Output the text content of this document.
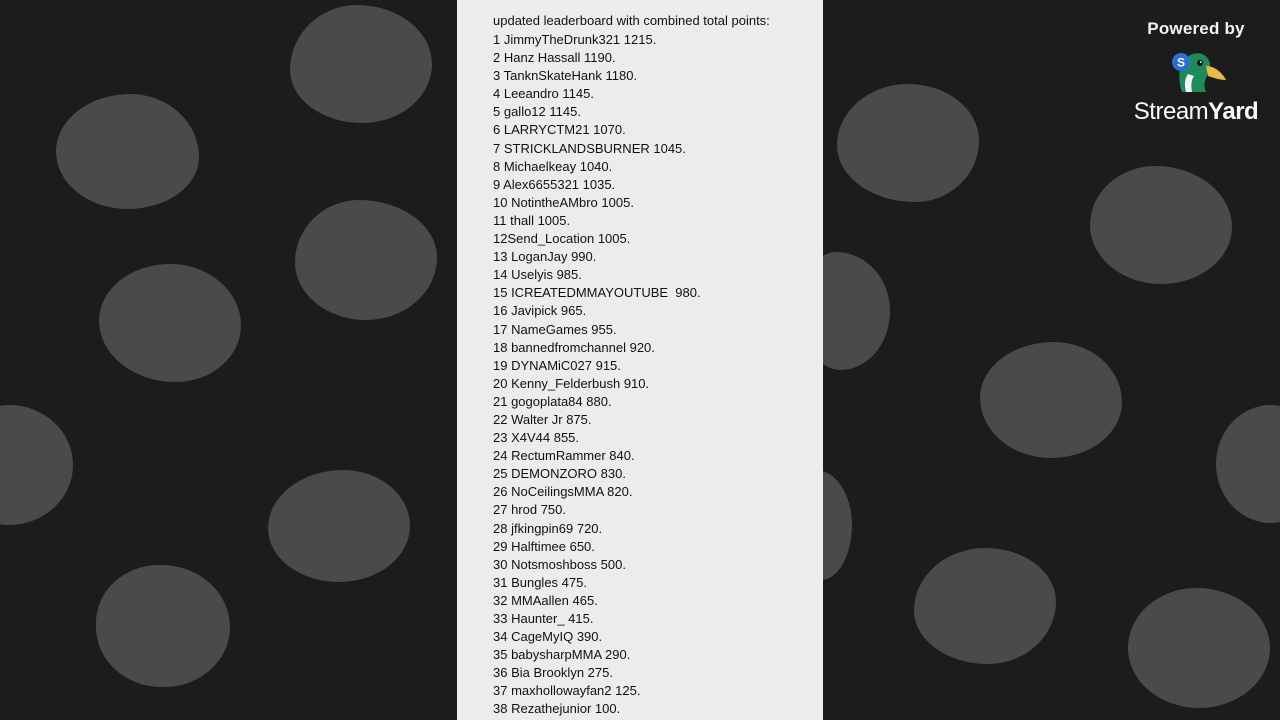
updated leaderboard with combined total points:
1 JimmyTheDrunk321 1215.
2 Hanz Hassall 1190.
3 TanknSkateHank 1180.
4 Leeandro 1145.
5 gallo12 1145.
6 LARRYCTM21 1070.
7 STRICKLANDSBURNER 1045.
8 Michaelkeay 1040.
9 Alex6655321 1035.
10 NotintheAMbro 1005.
11 thall 1005.
12Send_Location 1005.
13 LoganJay 990.
14 Uselyis 985.
15 ICREATEDMMAYOUTUBE  980.
16 Javipick 965.
17 NameGames 955.
18 bannedfromchannel 920.
19 DYNAMiC027 915.
20 Kenny_Felderbush 910.
21 gogoplata84 880.
22 Walter Jr 875.
23 X4V44 855.
24 RectumRammer 840.
25 DEMONZORO 830.
26 NoCeilingsMMA 820.
27 hrod 750.
28 jfkingpin69 720.
29 Halftimee 650.
30 Notsmoshboss 500.
31 Bungles 475.
32 MMAallen 465.
33 Haunter_ 415.
34 CageMyIQ 390.
35 babysharpMMA 290.
36 Bia Brooklyn 275.
37 maxhollowayfan2 125.
38 Rezathejunior 100.
Powered by
S
StreamYard
